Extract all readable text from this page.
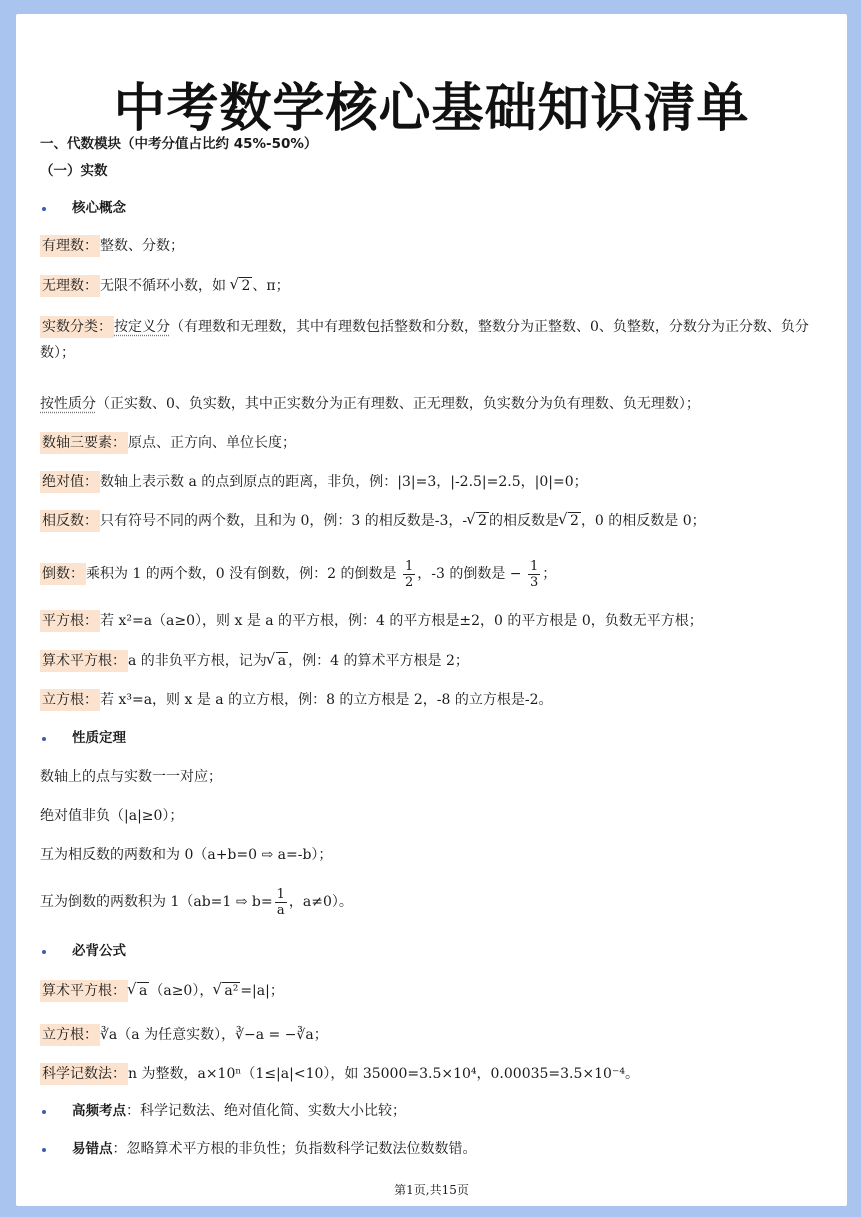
中考数学核心基础知识清单
一、代数模块（中考分值占比约 45%-50%）
（一）实数
核心概念
有理数： 整数、分数；
无理数： 无限不循环小数，如 √ 2 、π；
实数分类： 按定义分（有理数和无理数，其中有理数包括整数和分数，整数分为正整数、0、负整数，分数分为正分数、负分数）；
按性质分（正实数、0、负实数，其中正实数分为正有理数、正无理数，负实数分为负有理数、负无理数）；
数轴三要素： 原点、正方向、单位长度；
绝对值： 数轴上表示数 a 的点到原点的距离，非负，例：|3|=3，|-2.5|=2.5，|0|=0；
相反数： 只有符号不同的两个数，且和为 0，例：3 的相反数是-3，- √ 2 的相反数是 √ 2 ，0 的相反数是 0；
倒数： 乘积为 1 的两个数，0 没有倒数，例：2 的倒数是 $\frac{1}{2}$ ，-3 的倒数是 − $\frac{1}{3}$ ；
平方根： 若 x²=a（a≥0），则 x 是 a 的平方根，例：4 的平方根是±2，0 的平方根是 0，负数无平方根；
算术平方根： a 的非负平方根，记为 √ a ，例：4 的算术平方根是 2；
立方根： 若 x³=a，则 x 是 a 的立方根，例：8 的立方根是 2，-8 的立方根是-2。
性质定理
数轴上的点与实数一一对应；
绝对值非负（|a|≥0）；
互为相反数的两数和为 0（a+b=0 ⇨ a=-b）；
互为倒数的两数积为 1（ab=1 ⇨ $b= \frac{1}{a}$ ，a≠0）。
必背公式
算术平方根： √ a （a≥0）， √ a² =|a|；
立方根： ∛a（a 为任意实数），∛−a = −∛a；
科学记数法： n 为整数，a×10ⁿ（1≤|a|<10），如 35000=3.5×10⁴，0.00035=3.5×10⁻⁴。
高频考点：科学记数法、绝对值化简、实数大小比较；
易错点：忽略算术平方根的非负性；负指数科学记数法位数数错。
第1页,共15页
